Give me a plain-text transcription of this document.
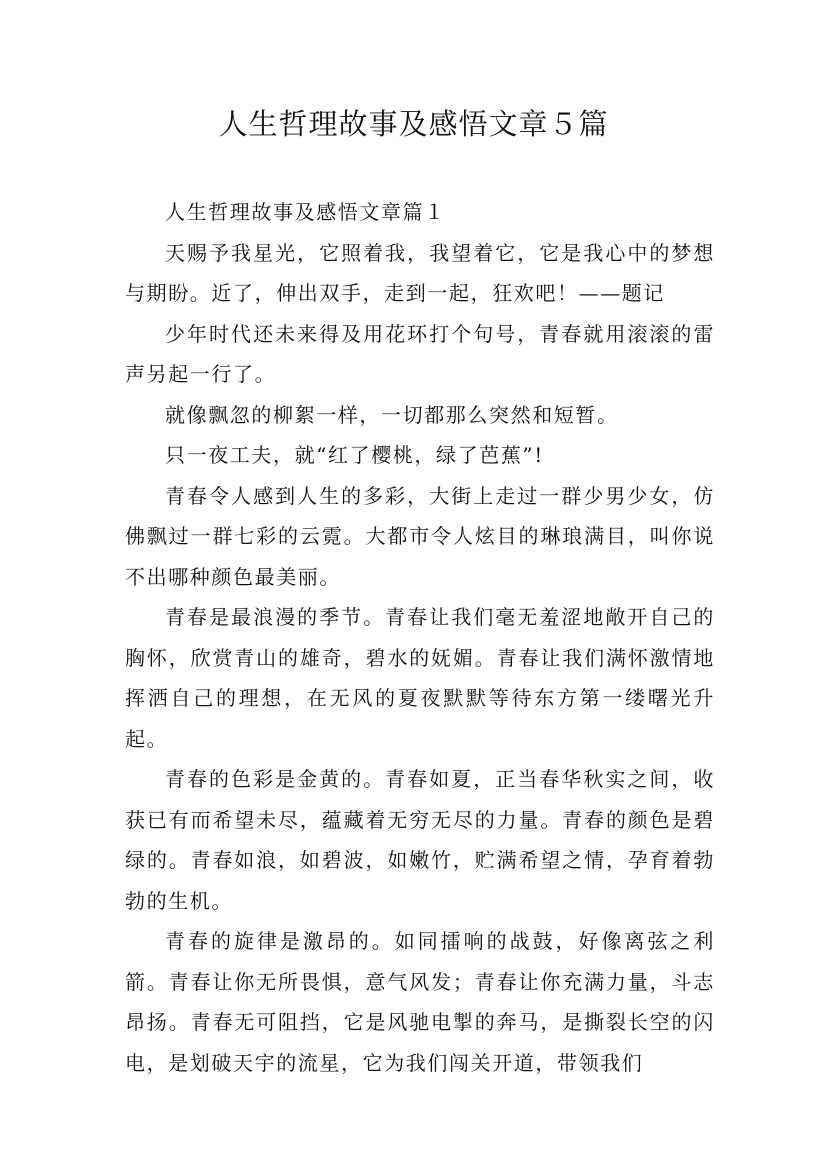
人生哲理故事及感悟文章５篇

人生哲理故事及感悟文章篇１

天赐予我星光，它照着我，我望着它，它是我心中的梦想与期盼。近了，伸出双手，走到一起，狂欢吧！——题记

少年时代还未来得及用花环打个句号，青春就用滚滚的雷声另起一行了。

就像飘忽的柳絮一样，一切都那么突然和短暂。

只一夜工夫，就“红了樱桃，绿了芭蕉”!

青春令人感到人生的多彩，大街上走过一群少男少女，仿佛飘过一群七彩的云霓。大都市令人炫目的琳琅满目，叫你说不出哪种颜色最美丽。

青春是最浪漫的季节。青春让我们毫无羞涩地敞开自己的胸怀，欣赏青山的雄奇，碧水的妩媚。青春让我们满怀激情地挥洒自己的理想，在无风的夏夜默默等待东方第一缕曙光升起。

青春的色彩是金黄的。青春如夏，正当春华秋实之间，收获已有而希望未尽，蕴藏着无穷无尽的力量。青春的颜色是碧绿的。青春如浪，如碧波，如嫩竹，贮满希望之情，孕育着勃勃的生机。

青春的旋律是激昂的。如同擂响的战鼓，好像离弦之利箭。青春让你无所畏惧，意气风发；青春让你充满力量，斗志昂扬。青春无可阻挡，它是风驰电掣的奔马，是撕裂长空的闪电，是划破天宇的流星，它为我们闯关开道，带领我们
